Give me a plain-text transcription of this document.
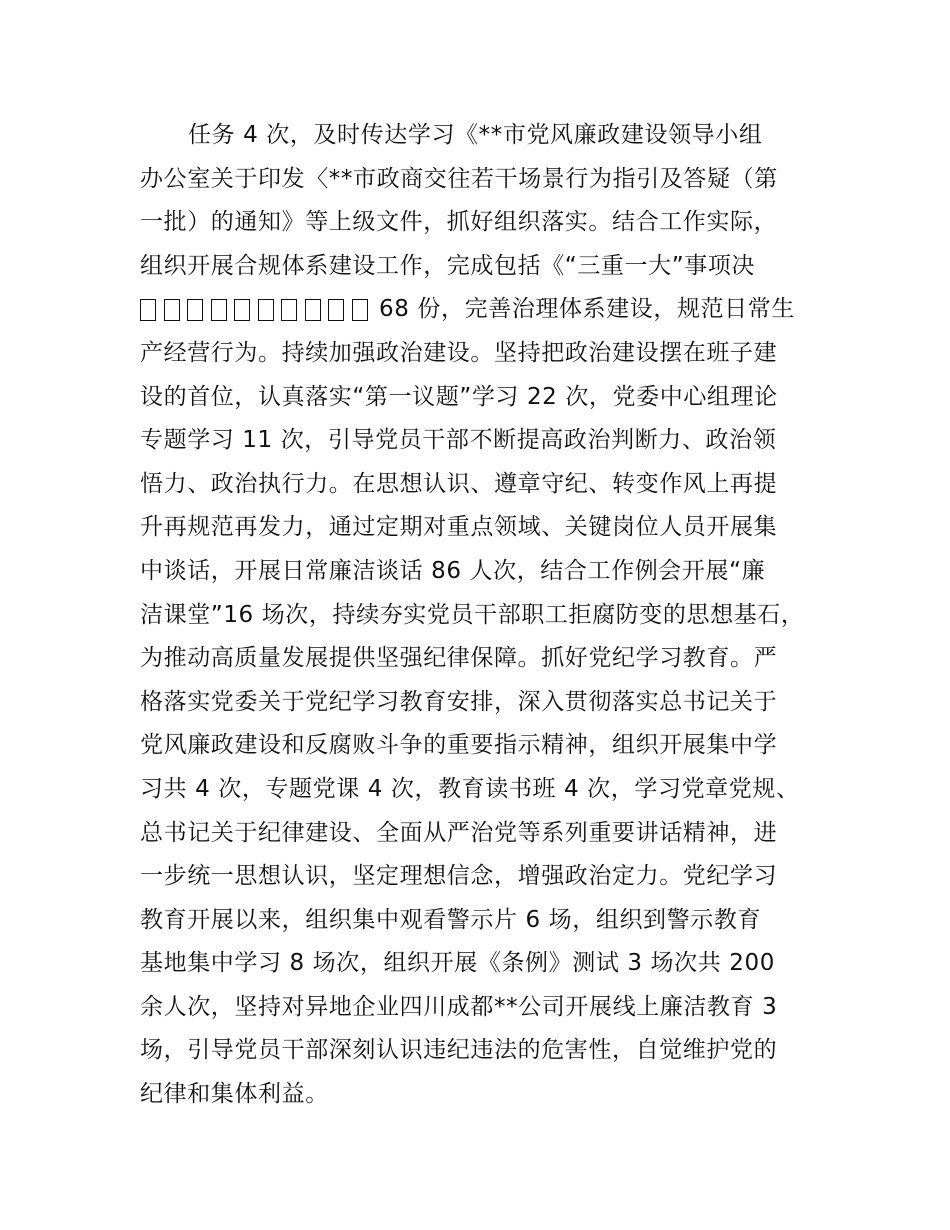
任务 4 次，及时传达学习《**市党风廉政建设领导小组
办公室关于印发〈**市政商交往若干场景行为指引及答疑（第
一批）的通知》等上级文件，抓好组织落实。结合工作实际，
组织开展合规体系建设工作，完成包括《“三重一大”事项决
68 份，完善治理体系建设，规范日常生
产经营行为。持续加强政治建设。坚持把政治建设摆在班子建
设的首位，认真落实“第一议题”学习 22 次，党委中心组理论
专题学习 11 次，引导党员干部不断提高政治判断力、政治领
悟力、政治执行力。在思想认识、遵章守纪、转变作风上再提
升再规范再发力，通过定期对重点领域、关键岗位人员开展集
中谈话，开展日常廉洁谈话 86 人次，结合工作例会开展“廉
洁课堂”16 场次，持续夯实党员干部职工拒腐防变的思想基石，
为推动高质量发展提供坚强纪律保障。抓好党纪学习教育。严
格落实党委关于党纪学习教育安排，深入贯彻落实总书记关于
党风廉政建设和反腐败斗争的重要指示精神，组织开展集中学
习共 4 次，专题党课 4 次，教育读书班 4 次，学习党章党规、
总书记关于纪律建设、全面从严治党等系列重要讲话精神，进
一步统一思想认识，坚定理想信念，增强政治定力。党纪学习
教育开展以来，组织集中观看警示片 6 场，组织到警示教育
基地集中学习 8 场次，组织开展《条例》测试 3 场次共 200
余人次，坚持对异地企业四川成都**公司开展线上廉洁教育 3
场，引导党员干部深刻认识违纪违法的危害性，自觉维护党的
纪律和集体利益。
